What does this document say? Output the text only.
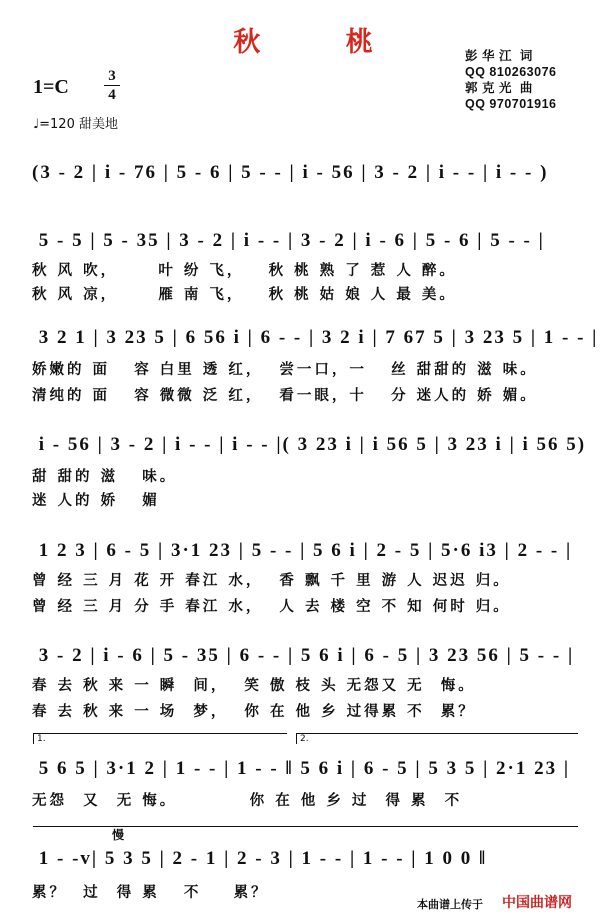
秋 桃
1=C	3
4
♩=120 甜美地
彭 华 江  词
QQ 810263076
郭 克 光  曲
QQ 970701916
(3 - 2 | i - 76 | 5 - 6 | 5 - - | i - 56 | 3 - 2 | i - - | i - - )
5 - 5 | 5 - 35 | 3 - 2 | i - - | 3 - 2 | i - 6 | 5 - 6 | 5 - - |
秋 风 吹，     叶 纷 飞，   秋 桃 熟 了 惹 人 醉。
秋 风 凉，     雁 南 飞，   秋 桃 姑 娘 人 最 美。
3 2 1 | 3 23 5 | 6 56 i | 6 - - | 3 2 i | 7 67 5 | 3 23 5 | 1 - - |
娇嫩的 面   容 白里 透 红，  尝一口，一   丝 甜甜的 滋 味。
清纯的 面   容 微微 泛 红，  看一眼，十   分 迷人的 娇 媚。
i - 56 | 3 - 2 | i - - | i - - |( 3 23 i | i 56 5 | 3 23 i | i 56 5)
甜 甜的 滋   味。
迷 人的 娇   媚
1 2 3 | 6 - 5 | 3·1 23 | 5 - - | 5 6 i | 2 - 5 | 5·6 i3 | 2 - - |
曾 经 三 月 花 开 春江 水，  香 飘 千 里 游 人 迟迟 归。
曾 经 三 月 分 手 春江 水，  人 去 楼 空 不 知 何时 归。
3 - 2 | i - 6 | 5 - 35 | 6 - - | 5 6 i | 6 - 5 | 3 23 56 | 5 - - |
春 去 秋 来 一 瞬  间，  笑 傲 枝 头 无怨又 无  悔。
春 去 秋 来 一 场  梦，  你 在 他 乡 过得累 不  累？
1.	2.
5 6 5 | 3·1 2 | 1 - - | 1 - - ‖ 5 6 i | 6 - 5 | 5 3 5 | 2·1 23 |
无怨  又  无 悔。         你 在 他 乡 过  得 累  不
慢
1 - -v| 5 3 5 | 2 - 1 | 2 - 3 | 1 - - | 1 - - | 1 0 0 ‖
累？  过  得 累   不    累？
本曲谱上传于 中国曲谱网
